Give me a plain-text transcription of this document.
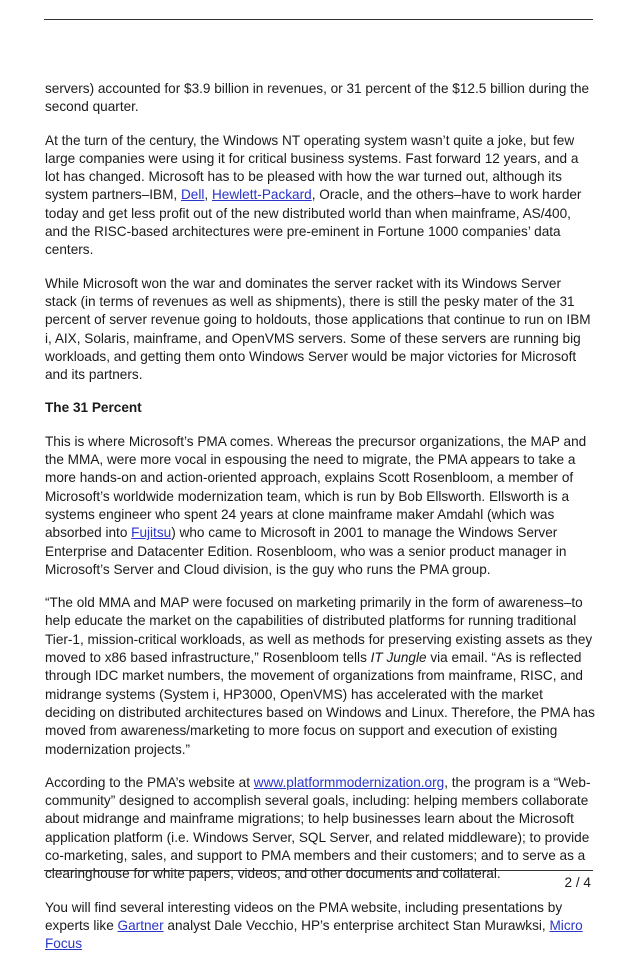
servers) accounted for $3.9 billion in revenues, or 31 percent of the $12.5 billion during the second quarter.

At the turn of the century, the Windows NT operating system wasn’t quite a joke, but few large companies were using it for critical business systems. Fast forward 12 years, and a lot has changed. Microsoft has to be pleased with how the war turned out, although its system partners–IBM, Dell, Hewlett-Packard, Oracle, and the others–have to work harder today and get less profit out of the new distributed world than when mainframe, AS/400, and the RISC-based architectures were pre-eminent in Fortune 1000 companies’ data centers.

While Microsoft won the war and dominates the server racket with its Windows Server stack (in terms of revenues as well as shipments), there is still the pesky mater of the 31 percent of server revenue going to holdouts, those applications that continue to run on IBM i, AIX, Solaris, mainframe, and OpenVMS servers. Some of these servers are running big workloads, and getting them onto Windows Server would be major victories for Microsoft and its partners.

The 31 Percent

This is where Microsoft’s PMA comes. Whereas the precursor organizations, the MAP and the MMA, were more vocal in espousing the need to migrate, the PMA appears to take a more hands-on and action-oriented approach, explains Scott Rosenbloom, a member of Microsoft’s worldwide modernization team, which is run by Bob Ellsworth. Ellsworth is a systems engineer who spent 24 years at clone mainframe maker Amdahl (which was absorbed into Fujitsu) who came to Microsoft in 2001 to manage the Windows Server Enterprise and Datacenter Edition. Rosenbloom, who was a senior product manager in Microsoft’s Server and Cloud division, is the guy who runs the PMA group.

“The old MMA and MAP were focused on marketing primarily in the form of awareness–to help educate the market on the capabilities of distributed platforms for running traditional Tier-1, mission-critical workloads, as well as methods for preserving existing assets as they moved to x86 based infrastructure,” Rosenbloom tells IT Jungle via email. “As is reflected through IDC market numbers, the movement of organizations from mainframe, RISC, and midrange systems (System i, HP3000, OpenVMS) has accelerated with the market deciding on distributed architectures based on Windows and Linux. Therefore, the PMA has moved from awareness/marketing to more focus on support and execution of existing modernization projects.”

According to the PMA’s website at www.platformmodernization.org, the program is a “Web-community” designed to accomplish several goals, including: helping members collaborate about midrange and mainframe migrations; to help businesses learn about the Microsoft application platform (i.e. Windows Server, SQL Server, and related middleware); to provide co-marketing, sales, and support to PMA members and their customers; and to serve as a clearinghouse for white papers, videos, and other documents and collateral.

You will find several interesting videos on the PMA website, including presentations by experts like Gartner analyst Dale Vecchio, HP’s enterprise architect Stan Murawksi, Micro Focus

2 / 4
